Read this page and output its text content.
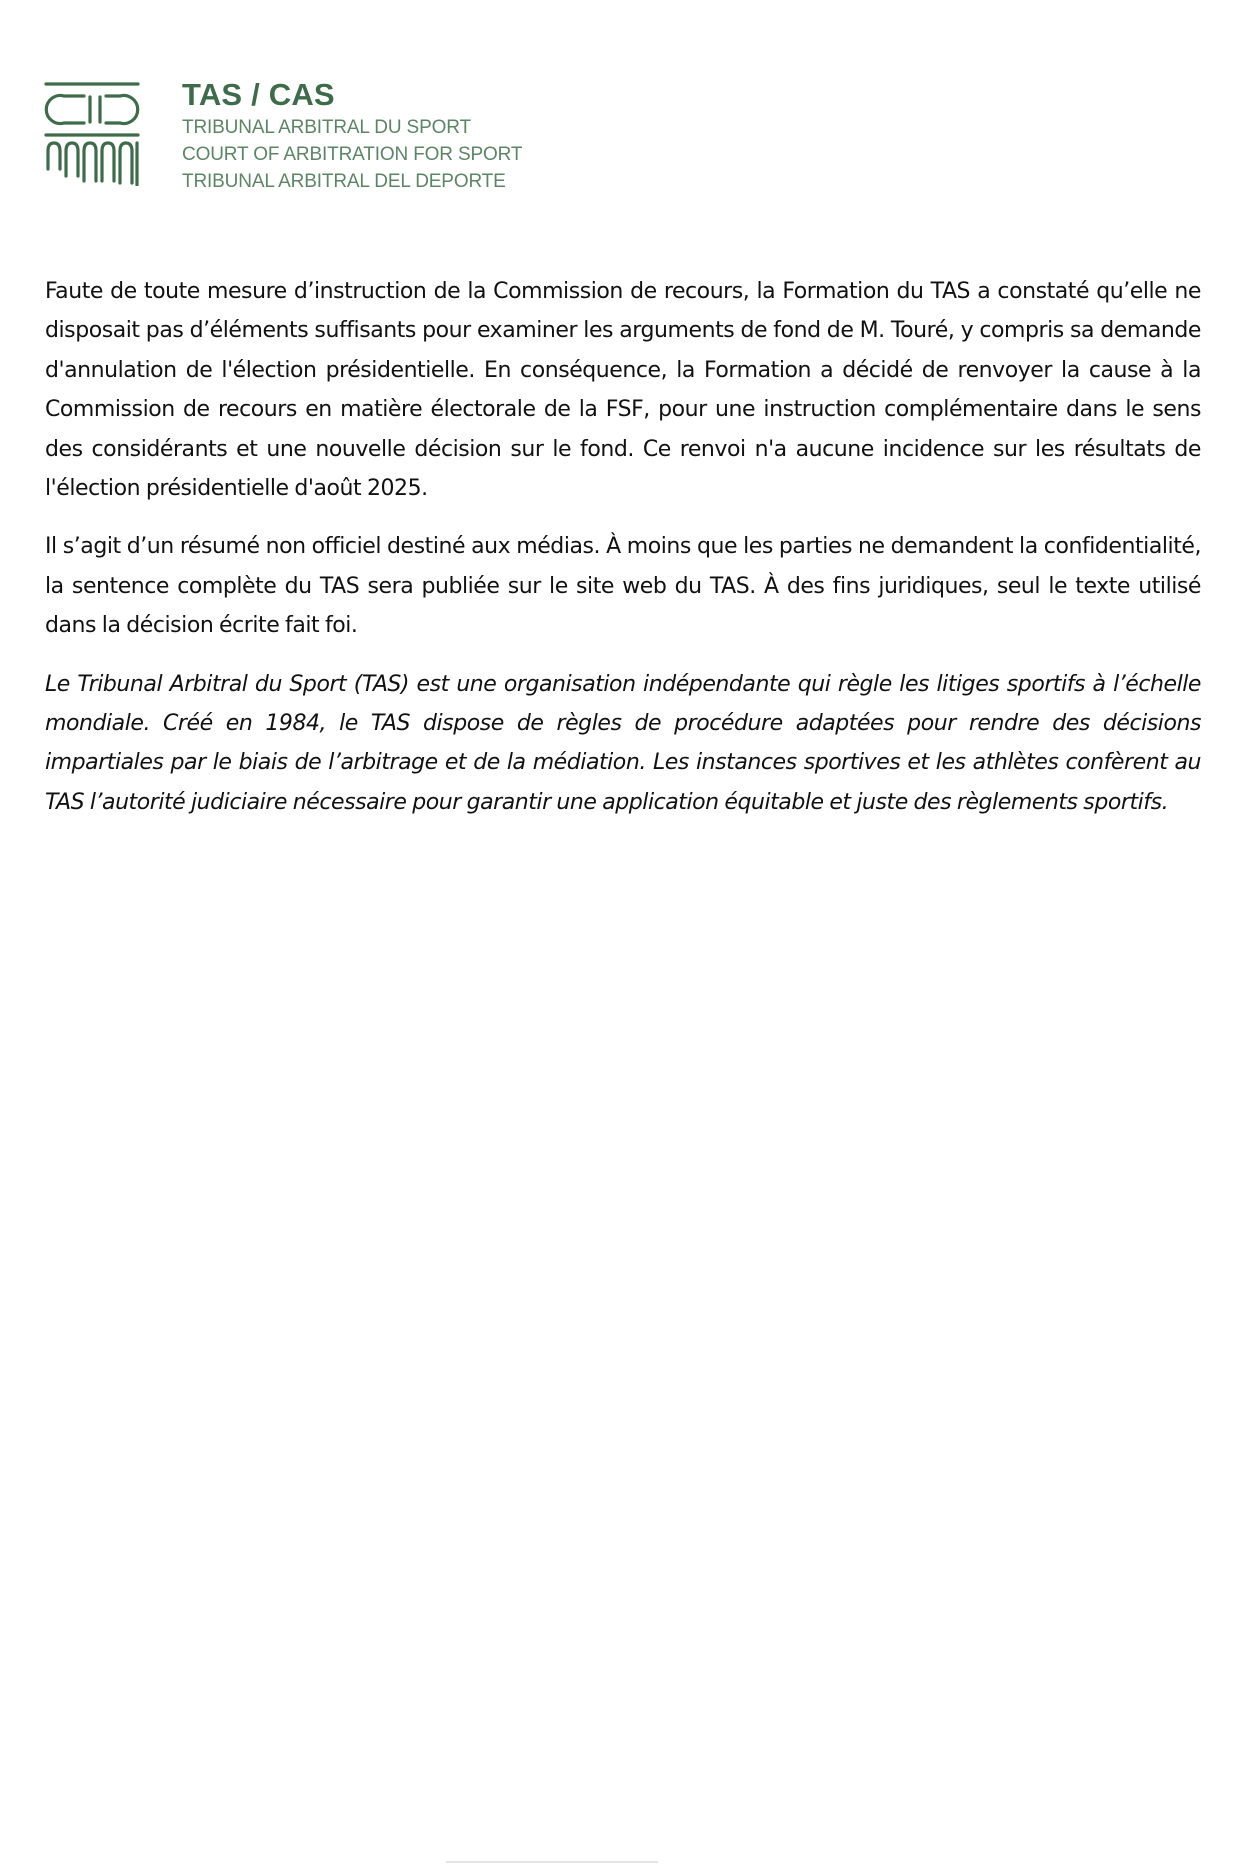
TAS / CAS
TRIBUNAL ARBITRAL DU SPORT
COURT OF ARBITRATION FOR SPORT
TRIBUNAL ARBITRAL DEL DEPORTE

Faute de toute mesure d’instruction de la Commission de recours, la Formation du TAS a constaté qu’elle ne disposait pas d’éléments suffisants pour examiner les arguments de fond de M. Touré, y compris sa demande d'annulation de l'élection présidentielle. En conséquence, la Formation a décidé de renvoyer la cause à la Commission de recours en matière électorale de la FSF, pour une instruction complémentaire dans le sens des considérants et une nouvelle décision sur le fond. Ce renvoi n'a aucune incidence sur les résultats de l'élection présidentielle d'août 2025.

Il s’agit d’un résumé non officiel destiné aux médias. À moins que les parties ne demandent la confidentialité, la sentence complète du TAS sera publiée sur le site web du TAS. À des fins juridiques, seul le texte utilisé dans la décision écrite fait foi.

Le Tribunal Arbitral du Sport (TAS) est une organisation indépendante qui règle les litiges sportifs à l’échelle mondiale. Créé en 1984, le TAS dispose de règles de procédure adaptées pour rendre des décisions impartiales par le biais de l’arbitrage et de la médiation. Les instances sportives et les athlètes confèrent au TAS l’autorité judiciaire nécessaire pour garantir une application équitable et juste des règlements sportifs.
